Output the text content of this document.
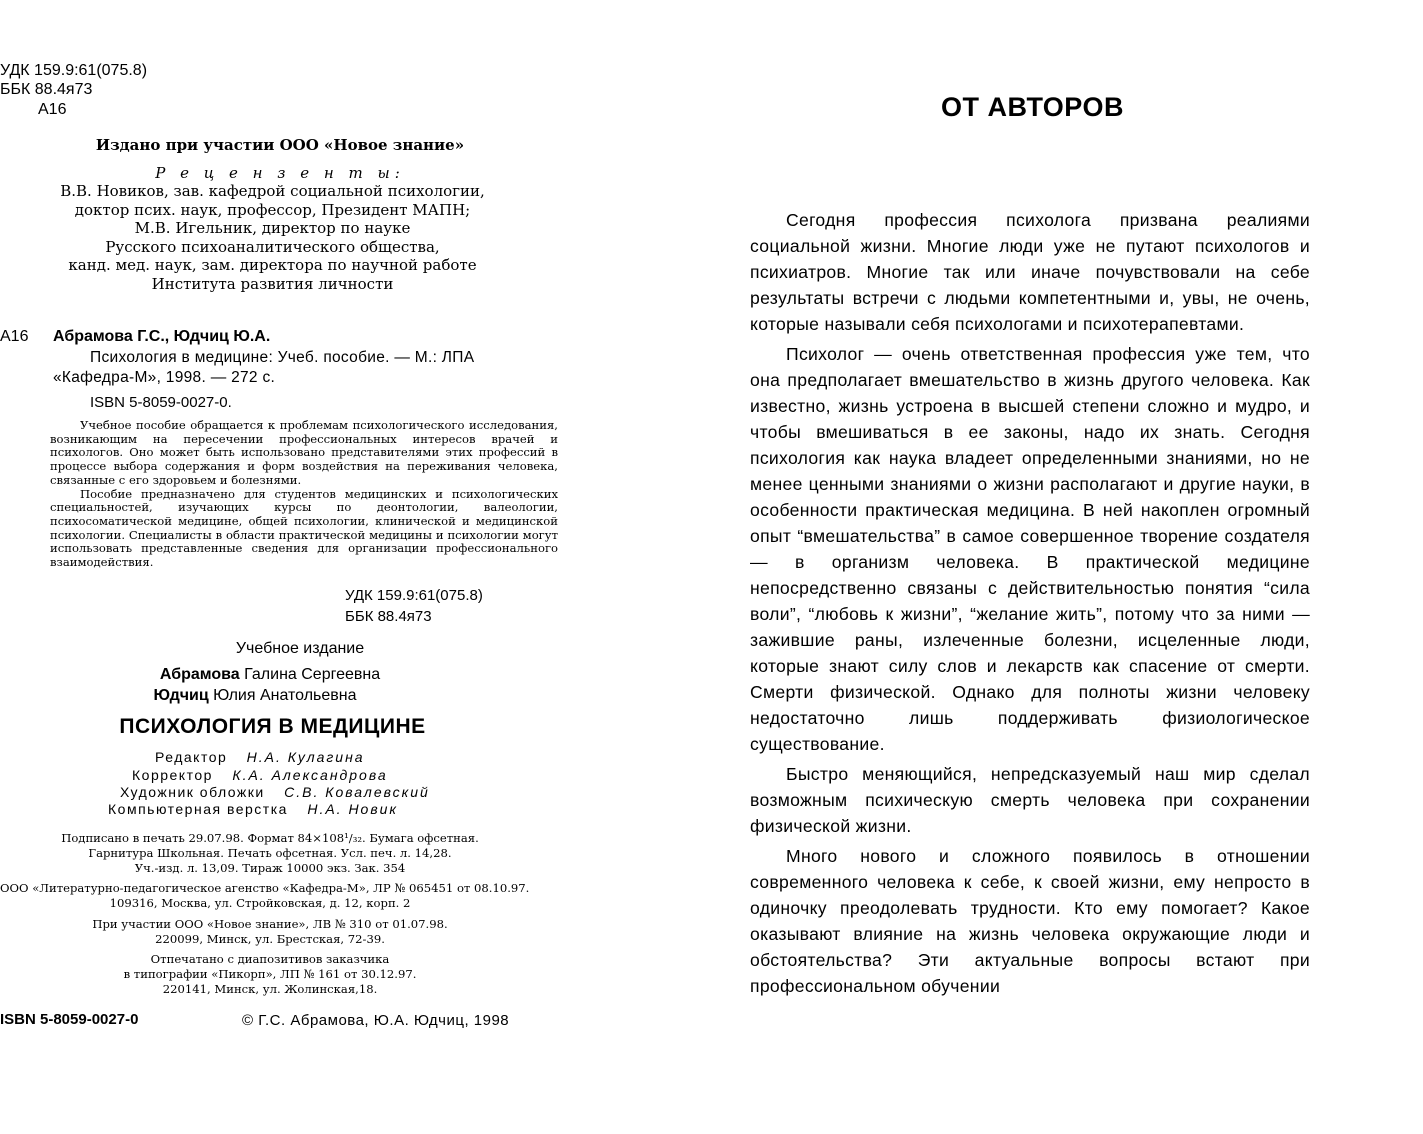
УДК 159.9:61(075.8)
ББК 88.4я73
А16
Издано при участии ООО «Новое знание»
Р е ц е н з е н т ы:
В.В. Новиков, зав. кафедрой социальной психологии,
доктор псих. наук, профессор, Президент МАПН;
М.В. Игельник, директор по науке
Русского психоаналитического общества,
канд. мед. наук, зам. директора по научной работе
Института развития личности
А16 Абрамова Г.С., Юдчиц Ю.А.
Психология в медицине: Учеб. пособие. — М.: ЛПА
«Кафедра-М», 1998. — 272 с.
ISBN 5-8059-0027-0.

Учебное пособие обращается к проблемам психологического исследования, возникающим на пересечении профессиональных интересов врачей и психологов. Оно может быть использовано представителями этих профессий в процессе выбора содержания и форм воздействия на переживания человека, связанные с его здоровьем и болезнями.

Пособие предназначено для студентов медицинских и психологических специальностей, изучающих курсы по деонтологии, валеологии, психосоматической медицине, общей психологии, клинической и медицинской психологии. Специалисты в области практической медицины и психологии могут использовать представленные сведения для организации профессионального взаимодействия.

УДК 159.9:61(075.8)
ББК 88.4я73
Учебное издание
Абрамова Галина Сергеевна
Юдчиц Юлия Анатольевна
ПСИХОЛОГИЯ В МЕДИЦИНЕ
Редактор Н.А. Кулагина
Корректор К.А. Александрова
Художник обложки С.В. Ковалевский
Компьютерная верстка Н.А. Новик
Подписано в печать 29.07.98. Формат 84×108¹/₃₂. Бумага офсетная.
Гарнитура Школьная. Печать офсетная. Усл. печ. л. 14,28.
Уч.-изд. л. 13,09. Тираж 10000 экз. Зак. 354
ООО «Литературно-педагогическое агенство «Кафедра-М», ЛР № 065451 от 08.10.97.
109316, Москва, ул. Стройковская, д. 12, корп. 2
При участии ООО «Новое знание», ЛВ № 310 от 01.07.98.
220099, Минск, ул. Брестская, 72-39.
Отпечатано с диапозитивов заказчика
в типографии «Пикорп», ЛП № 161 от 30.12.97.
220141, Минск, ул. Жолинская,18.
ISBN 5-8059-0027-0	© Г.С. Абрамова, Ю.А. Юдчиц, 1998
ОТ АВТОРОВ

Сегодня профессия психолога призвана реалиями социальной жизни. Многие люди уже не путают психологов и психиатров. Многие так или иначе почувствовали на себе результаты встречи с людьми компетентными и, увы, не очень, которые называли себя психологами и психотерапевтами.

Психолог — очень ответственная профессия уже тем, что она предполагает вмешательство в жизнь другого человека. Как известно, жизнь устроена в высшей степени сложно и мудро, и чтобы вмешиваться в ее законы, надо их знать. Сегодня психология как наука владеет определенными знаниями, но не менее ценными знаниями о жизни располагают и другие науки, в особенности практическая медицина. В ней накоплен огромный опыт “вмешательства” в самое совершенное творение создателя — в организм человека. В практической медицине непосредственно связаны с действительностью понятия “сила воли”, “любовь к жизни”, “желание жить”, потому что за ними — зажившие раны, излеченные болезни, исцеленные люди, которые знают силу слов и лекарств как спасение от смерти. Смерти физической. Однако для полноты жизни человеку недостаточно лишь поддерживать физиологическое существование.

Быстро меняющийся, непредсказуемый наш мир сделал возможным психическую смерть человека при сохранении физической жизни.

Много нового и сложного появилось в отношении современного человека к себе, к своей жизни, ему непросто в одиночку преодолевать трудности. Кто ему помогает? Какое оказывают влияние на жизнь человека окружающие люди и обстоятельства? Эти актуальные вопросы встают при профессиональном обучении
